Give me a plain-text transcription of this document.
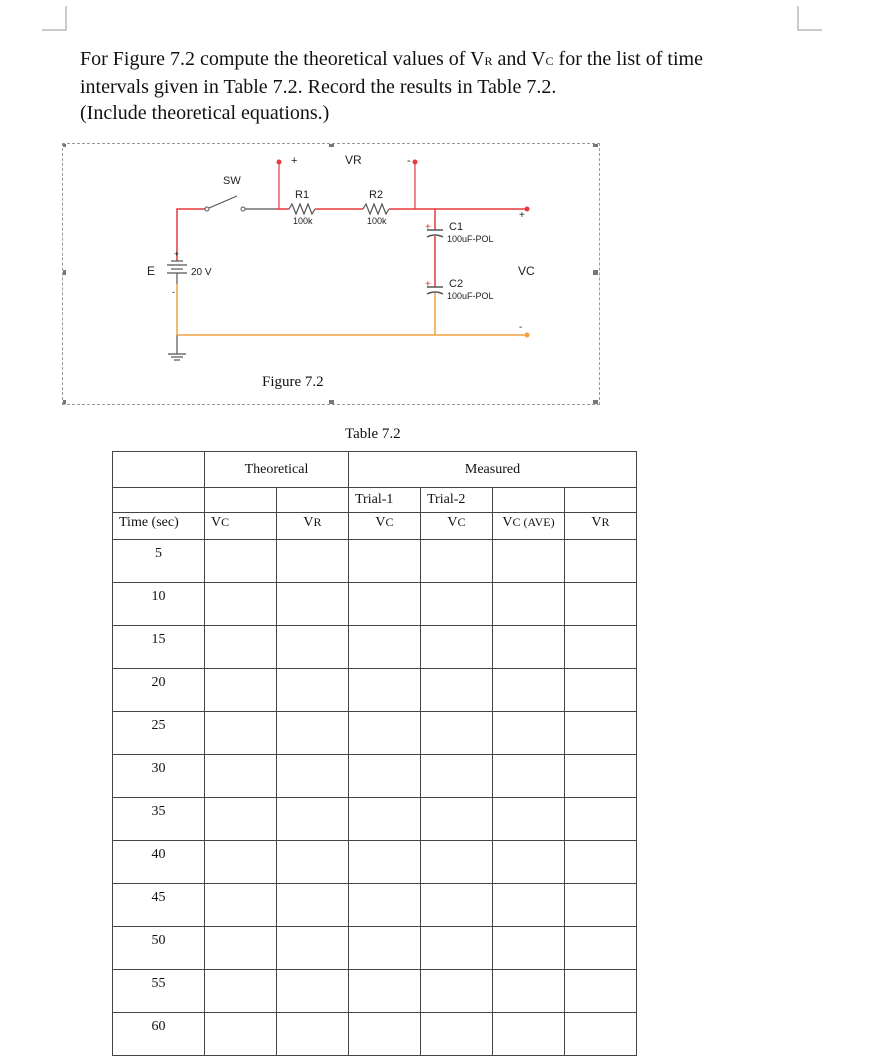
For Figure 7.2 compute the theoretical values of VR and VC for the list of time

intervals given in Table 7.2. Record the results in Table 7.2.

(Include theoretical equations.)

SW
+	VR	-
R1
100k
R2
100k
+ C1
100uF-POL
+ C2
100uF-POL
+
VC
-
E	20 V
+
-
Figure 7.2
Table 7.2
	Theoretical		Measured			
			Trial-1	Trial-2		
Time (sec)	VC	VR	VC	VC	VC (AVE)	VR
5						
10						
15						
20						
25						
30						
35						
40						
45						
50						
55						
60						
